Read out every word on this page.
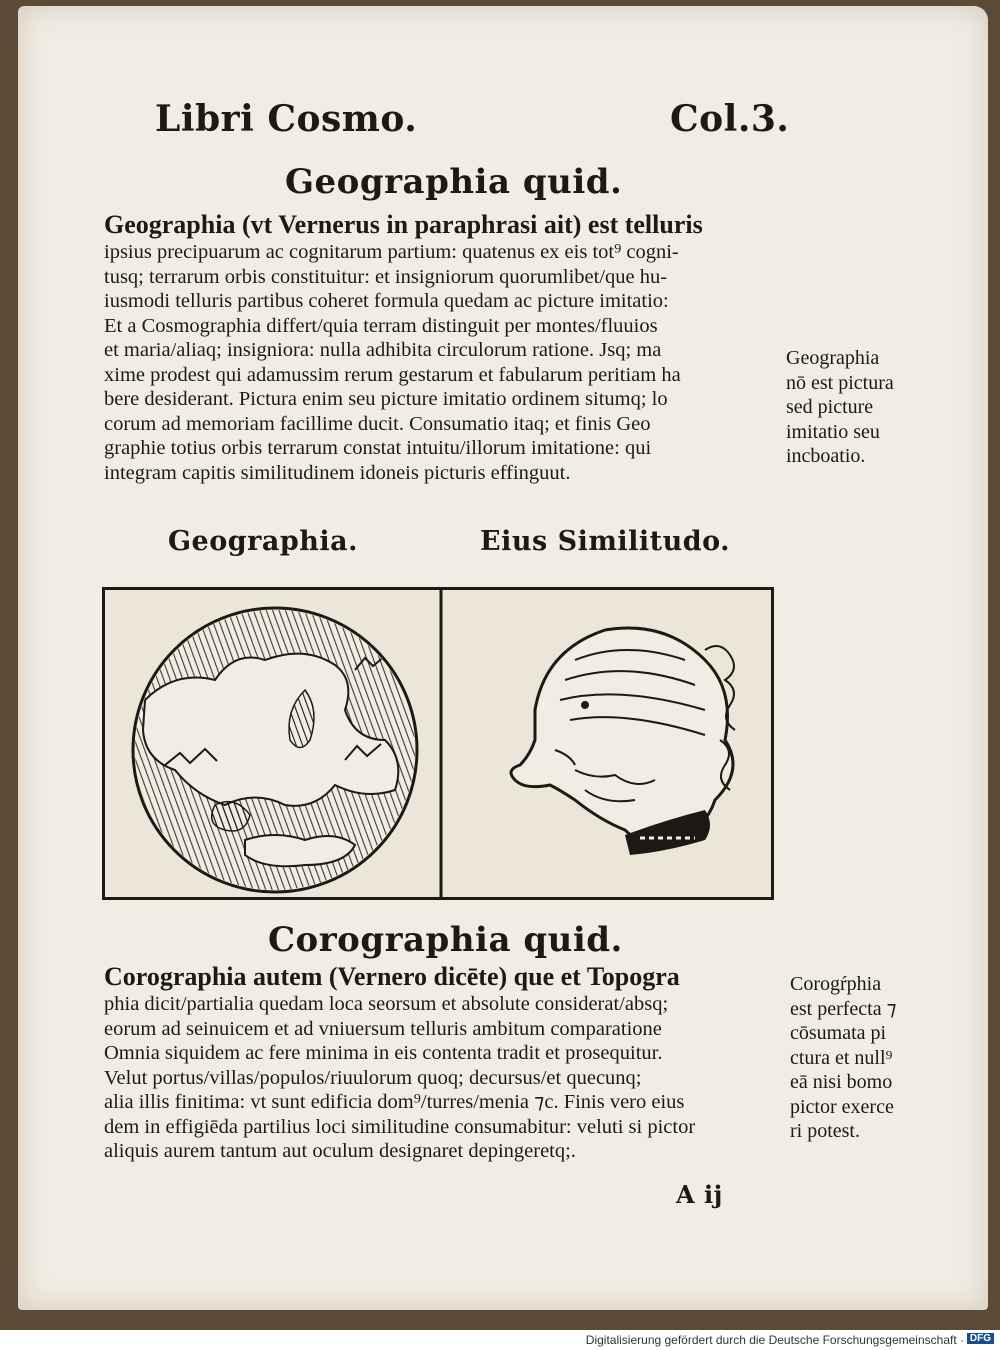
Libri Cosmo.	Col.3.
Geographia quid.
Geographia (vt Vernerus in paraphrasi ait) est telluris
ipsius precipuarum ac cognitarum partium: quatenus ex eis tot⁹ cogni-
tusq; terrarum orbis constituitur: et insigniorum quorumlibet/que hu-
iusmodi telluris partibus coheret formula quedam ac picture imitatio:
Et a Cosmographia differt/quia terram distinguit per montes/fluuios
et maria/aliaq; insigniora: nulla adhibita circulorum ratione. Jsq; ma
xime prodest qui adamussim rerum gestarum et fabularum peritiam ha
bere desiderant. Pictura enim seu picture imitatio ordinem situmq; lo
corum ad memoriam facillime ducit. Consumatio itaq; et finis Geo
graphie totius orbis terrarum constat intuitu/illorum imitatione: qui
integram capitis similitudinem idoneis picturis effinguut.
Geographia
nō est pictura
sed picture
imitatio seu
incboatio.
Geographia.	Eius Similitudo.
Corographia quid.
Corographia autem (Vernero dicēte) que et Topogra
phia dicit/partialia quedam loca seorsum et absolute considerat/absq;
eorum ad seinuicem et ad vniuersum telluris ambitum comparatione
Omnia siquidem ac fere minima in eis contenta tradit et prosequitur.
Velut portus/villas/populos/riuulorum quoq; decursus/et quecunq;
alia illis finitima: vt sunt edificia dom⁹/turres/menia ⁊c. Finis vero eius
dem in effigiēda partilius loci similitudine consumabitur: veluti si pictor
aliquis aurem tantum aut oculum designaret depingeretq;.
Corogŕphia
est perfecta ⁊
cōsumata pi
ctura et null⁹
eā nisi bomo
pictor exerce
ri potest.
A ij
Digitalisierung gefördert durch die Deutsche Forschungsgemeinschaft · DFG
